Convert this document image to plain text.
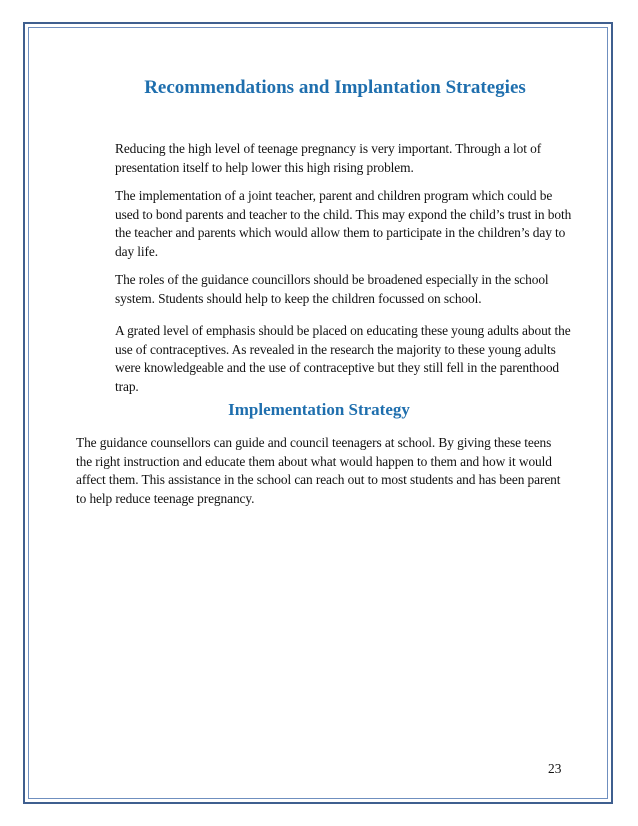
Recommendations and Implantation Strategies

Reducing the high level of teenage pregnancy is very important. Through a lot of presentation itself to help lower this high rising problem.

The implementation of a joint teacher, parent and children program which could be used to bond parents and teacher to the child. This may expond the child’s trust in both the teacher and parents which would allow them to participate in the children’s day to day life.

The roles of the guidance councillors should be broadened especially in the school system. Students should help to keep the children focussed on school.

A grated level of emphasis should be placed on educating these young adults about the use of contraceptives. As revealed in the research the majority to these young adults were knowledgeable and the use of contraceptive but they still fell in the parenthood trap.

Implementation Strategy

The guidance counsellors can guide and council teenagers at school. By giving these teens the right instruction and educate them about what would happen to them and how it would affect them. This assistance in the school can reach out to most students and has been parent to help reduce teenage pregnancy.

23
